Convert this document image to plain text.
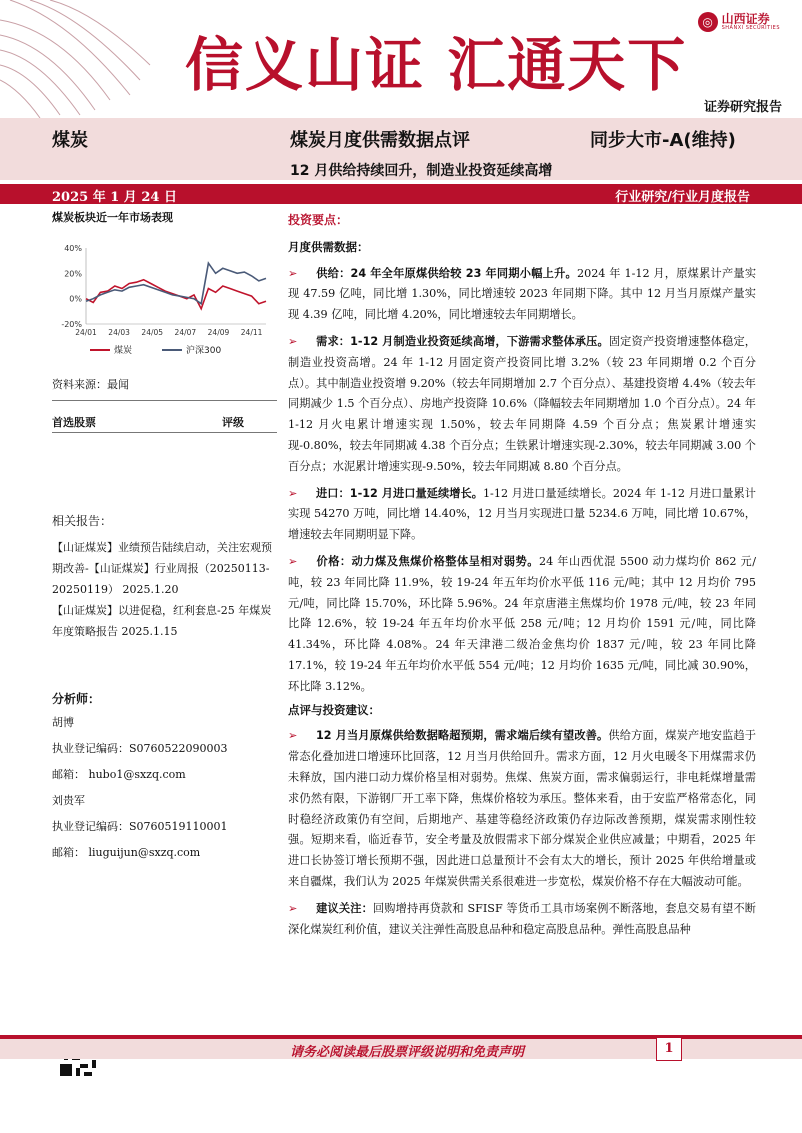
信义山证 汇通天下
◎ 山西证券
SHANXI SECURITIES
证券研究报告
煤炭	煤炭月度供需数据点评	同步大市-A(维持)
12 月供给持续回升，制造业投资延续高增
2025 年 1 月 24 日	行业研究/行业月度报告
煤炭板块近一年市场表现
40%
20%
0%
-20%
24/01 24/03 24/05 24/07 24/09 24/11
煤炭	沪深300
资料来源：最闻
首选股票	评级
相关报告：
【山证煤炭】业绩预告陆续启动，关注宏观预期改善-【山证煤炭】行业周报（20250113-20250119） 2025.1.20
【山证煤炭】以进促稳，红利套息-25 年煤炭年度策略报告 2025.1.15
分析师：
胡博
执业登记编码：S0760522090003
邮箱： hubo1@sxzq.com
刘贵军
执业登记编码：S0760519110001
邮箱： liuguijun@sxzq.com
投资要点：
月度供需数据：

➢ 供给：24 年全年原煤供给较 23 年同期小幅上升。2024 年 1-12 月，原煤累计产量实现 47.59 亿吨，同比增 1.30%，同比增速较 2023 年同期下降。其中 12 月当月原煤产量实现 4.39 亿吨，同比增 4.20%，同比增速较去年同期增长。

➢ 需求：1-12 月制造业投资延续高增，下游需求整体承压。固定资产投资增速整体稳定，制造业投资高增。24 年 1-12 月固定资产投资同比增 3.2%（较 23 年同期增 0.2 个百分点）。其中制造业投资增 9.20%（较去年同期增加 2.7 个百分点）、基建投资增 4.4%（较去年同期减少 1.5 个百分点）、房地产投资降 10.6%（降幅较去年同期增加 1.0 个百分点）。24 年 1-12 月火电累计增速实现 1.50%，较去年同期降 4.59 个百分点；焦炭累计增速实现-0.80%，较去年同期减 4.38 个百分点；生铁累计增速实现-2.30%，较去年同期减 3.00 个百分点；水泥累计增速实现-9.50%，较去年同期减 8.80 个百分点。

➢ 进口：1-12 月进口量延续增长。1-12 月进口量延续增长。2024 年 1-12 月进口量累计实现 54270 万吨，同比增 14.40%，12 月当月实现进口量 5234.6 万吨，同比增 10.67%，增速较去年同期明显下降。

➢ 价格：动力煤及焦煤价格整体呈相对弱势。24 年山西优混 5500 动力煤均价 862 元/吨，较 23 年同比降 11.9%，较 19-24 年五年均价水平低 116 元/吨；其中 12 月均价 795 元/吨，同比降 15.70%，环比降 5.96%。24 年京唐港主焦煤均价 1978 元/吨，较 23 年同比降 12.6%，较 19-24 年五年均价水平低 258 元/吨；12 月均价 1591 元/吨，同比降 41.34%，环比降 4.08%。24 年天津港二级冶金焦均价 1837 元/吨，较 23 年同比降 17.1%，较 19-24 年五年均价水平低 554 元/吨；12 月均价 1635 元/吨，同比减 30.90%，环比降 3.12%。

点评与投资建议：

➢ 12 月当月原煤供给数据略超预期，需求端后续有望改善。供给方面，煤炭产地安监趋于常态化叠加进口增速环比回落，12 月当月供给回升。需求方面，12 月火电暖冬下用煤需求仍未释放，国内港口动力煤价格呈相对弱势。焦煤、焦炭方面，需求偏弱运行，非电耗煤增量需求仍然有限，下游钢厂开工率下降，焦煤价格较为承压。整体来看，由于安监严格常态化，同时稳经济政策仍有空间，后期地产、基建等稳经济政策仍存边际改善预期，煤炭需求刚性较强。短期来看，临近春节，安全考量及放假需求下部分煤炭企业供应减量；中期看，2025 年进口长协签订增长预期不强，因此进口总量预计不会有太大的增长，预计 2025 年供给增量或来自疆煤，我们认为 2025 年煤炭供需关系很难进一步宽松，煤炭价格不存在大幅波动可能。

➢ 建议关注：回购增持再贷款和 SFISF 等货币工具市场案例不断落地，套息交易有望不断深化煤炭红利价值，建议关注弹性高股息品种和稳定高股息品种。弹性高股息品种

请务必阅读最后股票评级说明和免责声明	1
